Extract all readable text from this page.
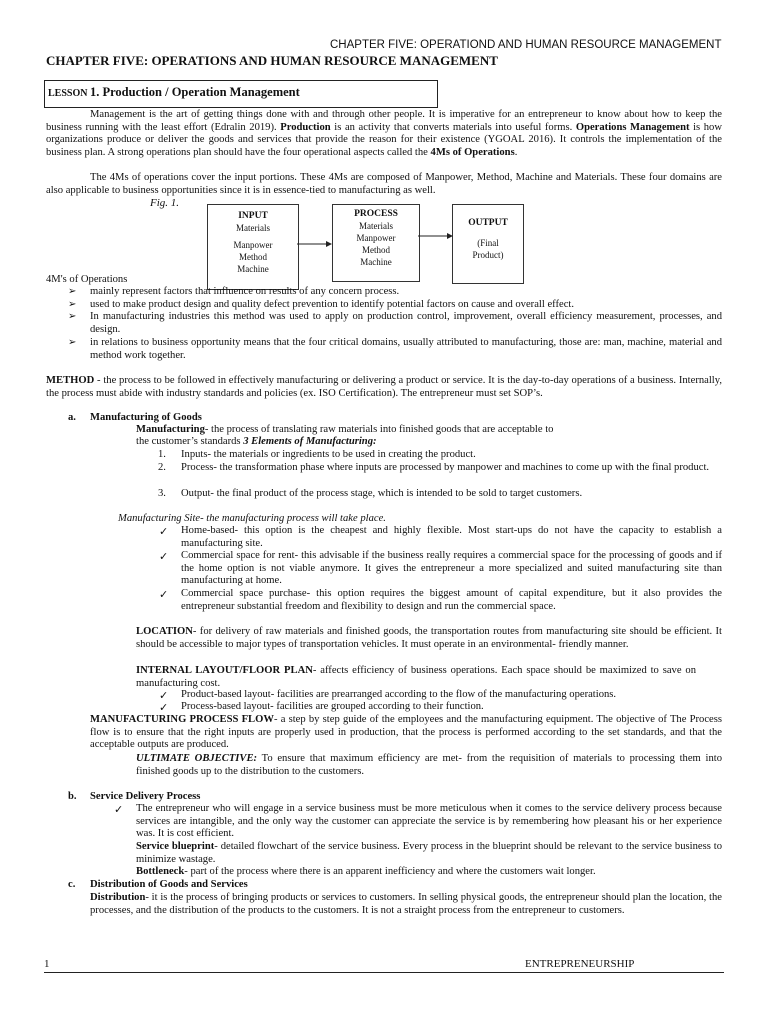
CHAPTER FIVE: OPERATIOND AND HUMAN RESOURCE MANAGEMENT
CHAPTER FIVE: OPERATIONS AND HUMAN RESOURCE MANAGEMENT
LESSON 1. Production / Operation Management
Management is the art of getting things done with and through other people. It is imperative for an entrepreneur to know about how to keep the business running with the least effort (Edralin 2019). Production is an activity that converts materials into useful forms. Operations Management is how organizations produce or deliver the goods and services that provide the reason for their existence (YGOAL 2016). It controls the implementation of the business plan. A strong operations plan should have the four operational aspects called the 4Ms of Operations.
The 4Ms of operations cover the input portions. These 4Ms are composed of Manpower, Method, Machine and Materials. These four domains are also applicable to business opportunities since it is in essence-tied to manufacturing as well.
Fig. 1.
INPUT
Materials
Manpower
Method
Machine
PROCESS
Materials
Manpower
Method
Machine
OUTPUT
(Final
Product)
4M's of Operations
➢ mainly represent factors that influence on results of any concern process.
➢ used to make product design and quality defect prevention to identify potential factors on cause and overall effect.
➢ In manufacturing industries this method was used to apply on production control, improvement, overall efficiency measurement, processes, and design.
➢ in relations to business opportunity means that the four critical domains, usually attributed to manufacturing, those are: man, machine, material and method work together.
METHOD - the process to be followed in effectively manufacturing or delivering a product or service. It is the day-to-day operations of a business. Internally, the process must abide with industry standards and policies (ex. ISO Certification). The entrepreneur must set SOP’s.
a. Manufacturing of Goods
Manufacturing- the process of translating raw materials into finished goods that are acceptable to
the customer’s standards 3 Elements of Manufacturing:
1. Inputs- the materials or ingredients to be used in creating the product.
2. Process- the transformation phase where inputs are processed by manpower and machines to come up with the final product.
3. Output- the final product of the process stage, which is intended to be sold to target customers.
Manufacturing Site- the manufacturing process will take place.
✓ Home-based- this option is the cheapest and highly flexible. Most start-ups do not have the capacity to establish a manufacturing site.
✓ Commercial space for rent- this advisable if the business really requires a commercial space for the processing of goods and if the home option is not viable anymore. It gives the entrepreneur a more specialized and suited manufacturing site than manufacturing at home.
✓ Commercial space purchase- this option requires the biggest amount of capital expenditure, but it also provides the entrepreneur substantial freedom and flexibility to design and run the commercial space.
LOCATION- for delivery of raw materials and finished goods, the transportation routes from manufacturing site should be efficient. It should be accessible to major types of transportation vehicles. It must operate in an environmental- friendly manner.
INTERNAL LAYOUT/FLOOR PLAN- affects efficiency of business operations. Each space should be maximized to save on manufacturing cost.
✓ Product-based layout- facilities are prearranged according to the flow of the manufacturing operations.
✓ Process-based layout- facilities are grouped according to their function.
MANUFACTURING PROCESS FLOW- a step by step guide of the employees and the manufacturing equipment. The objective of The Process flow is to ensure that the right inputs are properly used in production, that the process is performed according to the set standards, and that the acceptable outputs are produced.
ULTIMATE OBJECTIVE: To ensure that maximum efficiency are met- from the requisition of materials to processing them into finished goods up to the distribution to the customers.
b. Service Delivery Process
✓ The entrepreneur who will engage in a service business must be more meticulous when it comes to the service delivery process because services are intangible, and the only way the customer can appreciate the service is by remembering how pleasant his or her experience was. It is cost efficient.
Service blueprint- detailed flowchart of the service business. Every process in the blueprint should be relevant to the service business to minimize wastage.
Bottleneck- part of the process where there is an apparent inefficiency and where the customers wait longer.
c. Distribution of Goods and Services
Distribution- it is the process of bringing products or services to customers. In selling physical goods, the entrepreneur should plan the location, the processes, and the distribution of the products to the customers. It is not a straight process from the entrepreneur to customers.
1	ENTREPRENEURSHIP
